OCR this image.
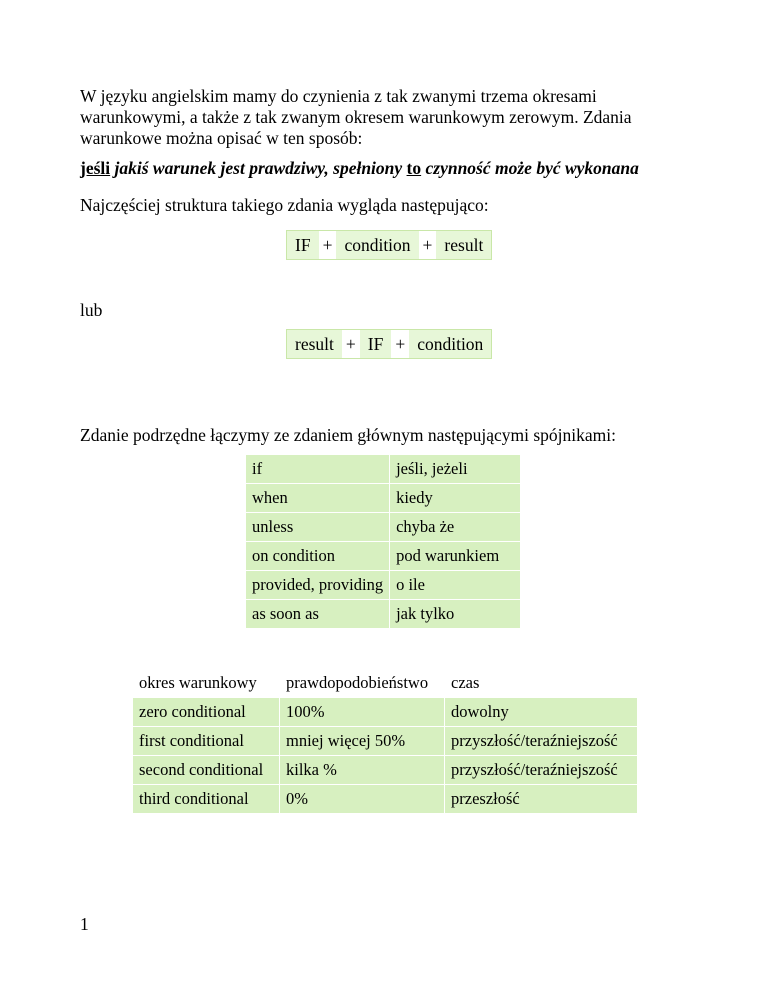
W języku angielskim mamy do czynienia z tak zwanymi trzema okresami warunkowymi, a także z tak zwanym okresem warunkowym zerowym. Zdania warunkowe można opisać w ten sposób:

jeśli jakiś warunek jest prawdziwy, spełniony to czynność może być wykonana

Najczęściej struktura takiego zdania wygląda następująco:

IF + condition + result

lub

result + IF + condition

Zdanie podrzędne łączymy ze zdaniem głównym następującymi spójnikami:

if	jeśli, jeżeli
when	kiedy
unless	chyba że
on condition	pod warunkiem
provided, providing	o ile
as soon as	jak tylko
okres warunkowy	prawdopodobieństwo	czas
zero conditional	100%	dowolny
first conditional	mniej więcej 50%	przyszłość/teraźniejszość
second conditional	kilka %	przyszłość/teraźniejszość
third conditional	0%	przeszłość
1
